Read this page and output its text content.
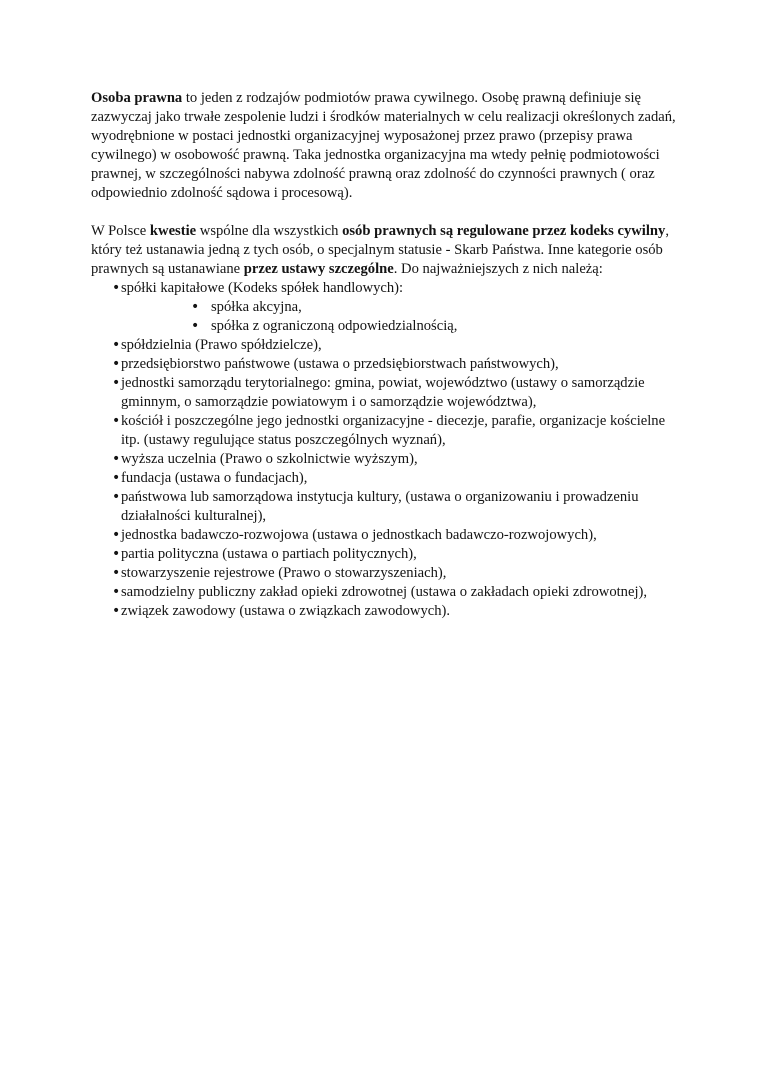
Osoba prawna to jeden z rodzajów podmiotów prawa cywilnego. Osobę prawną definiuje się zazwyczaj jako trwałe zespolenie ludzi i środków materialnych w celu realizacji określonych zadań, wyodrębnione w postaci jednostki organizacyjnej wyposażonej przez prawo (przepisy prawa cywilnego) w osobowość prawną. Taka jednostka organizacyjna ma wtedy pełnię podmiotowości prawnej, w szczególności nabywa zdolność prawną oraz zdolność do czynności prawnych ( oraz odpowiednio zdolność sądowa i procesową).

W Polsce kwestie wspólne dla wszystkich osób prawnych są regulowane przez kodeks cywilny, który też ustanawia jedną z tych osób, o specjalnym statusie - Skarb Państwa. Inne kategorie osób prawnych są ustanawiane przez ustawy szczególne. Do najważniejszych z nich należą:

• spółki kapitałowe (Kodeks spółek handlowych):
• spółka akcyjna,
• spółka z ograniczoną odpowiedzialnością,
• spółdzielnia (Prawo spółdzielcze),
• przedsiębiorstwo państwowe (ustawa o przedsiębiorstwach państwowych),
• jednostki samorządu terytorialnego: gmina, powiat, województwo (ustawy o samorządzie gminnym, o samorządzie powiatowym i o samorządzie województwa),
• kościół i poszczególne jego jednostki organizacyjne - diecezje, parafie, organizacje kościelne itp. (ustawy regulujące status poszczególnych wyznań),
• wyższa uczelnia (Prawo o szkolnictwie wyższym),
• fundacja (ustawa o fundacjach),
• państwowa lub samorządowa instytucja kultury, (ustawa o organizowaniu i prowadzeniu działalności kulturalnej),
• jednostka badawczo-rozwojowa (ustawa o jednostkach badawczo-rozwojowych),
• partia polityczna (ustawa o partiach politycznych),
• stowarzyszenie rejestrowe (Prawo o stowarzyszeniach),
• samodzielny publiczny zakład opieki zdrowotnej (ustawa o zakładach opieki zdrowotnej),
• związek zawodowy (ustawa o związkach zawodowych).
